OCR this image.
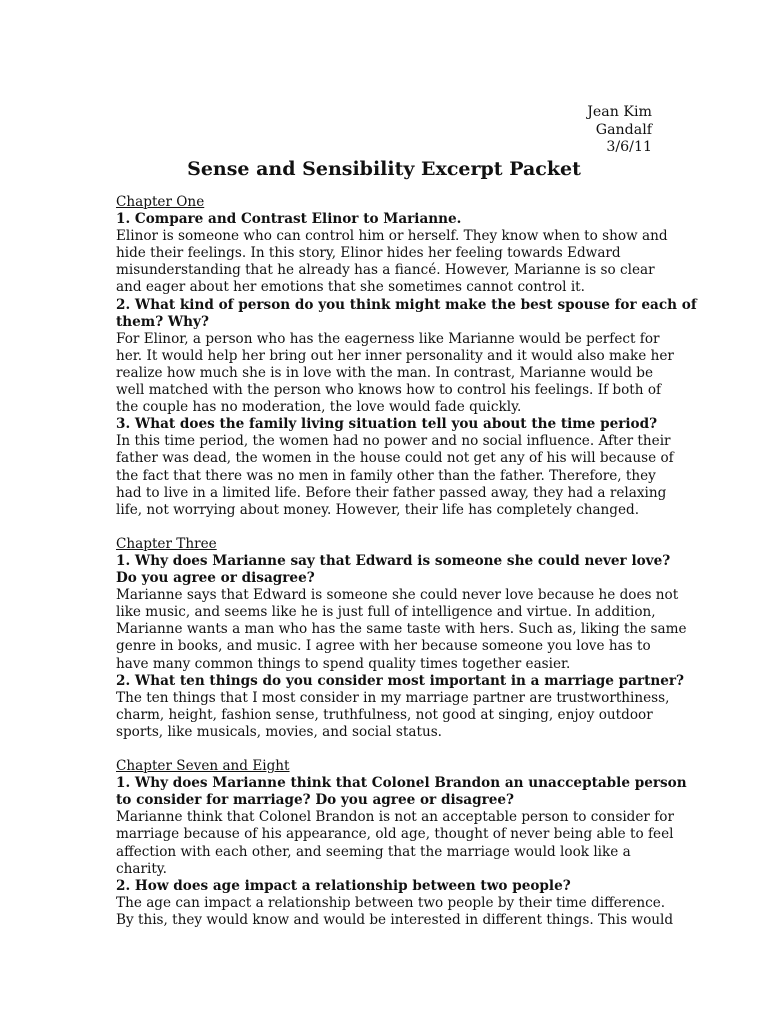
Jean Kim
Gandalf
3/6/11
Sense and Sensibility Excerpt Packet
Chapter One
1. Compare and Contrast Elinor to Marianne.
Elinor is someone who can control him or herself. They know when to show and
hide their feelings. In this story, Elinor hides her feeling towards Edward
misunderstanding that he already has a fiancé. However, Marianne is so clear
and eager about her emotions that she sometimes cannot control it.
2. What kind of person do you think might make the best spouse for each of
them? Why?
For Elinor, a person who has the eagerness like Marianne would be perfect for
her. It would help her bring out her inner personality and it would also make her
realize how much she is in love with the man. In contrast, Marianne would be
well matched with the person who knows how to control his feelings. If both of
the couple has no moderation, the love would fade quickly.
3. What does the family living situation tell you about the time period?
In this time period, the women had no power and no social influence. After their
father was dead, the women in the house could not get any of his will because of
the fact that there was no men in family other than the father. Therefore, they
had to live in a limited life. Before their father passed away, they had a relaxing
life, not worrying about money. However, their life has completely changed.
Chapter Three
1. Why does Marianne say that Edward is someone she could never love?
Do you agree or disagree?
Marianne says that Edward is someone she could never love because he does not
like music, and seems like he is just full of intelligence and virtue. In addition,
Marianne wants a man who has the same taste with hers. Such as, liking the same
genre in books, and music. I agree with her because someone you love has to
have many common things to spend quality times together easier.
2. What ten things do you consider most important in a marriage partner?
The ten things that I most consider in my marriage partner are trustworthiness,
charm, height, fashion sense, truthfulness, not good at singing, enjoy outdoor
sports, like musicals, movies, and social status.
Chapter Seven and Eight
1. Why does Marianne think that Colonel Brandon an unacceptable person
to consider for marriage? Do you agree or disagree?
Marianne think that Colonel Brandon is not an acceptable person to consider for
marriage because of his appearance, old age, thought of never being able to feel
affection with each other, and seeming that the marriage would look like a
charity.
2. How does age impact a relationship between two people?
The age can impact a relationship between two people by their time difference.
By this, they would know and would be interested in different things. This would
